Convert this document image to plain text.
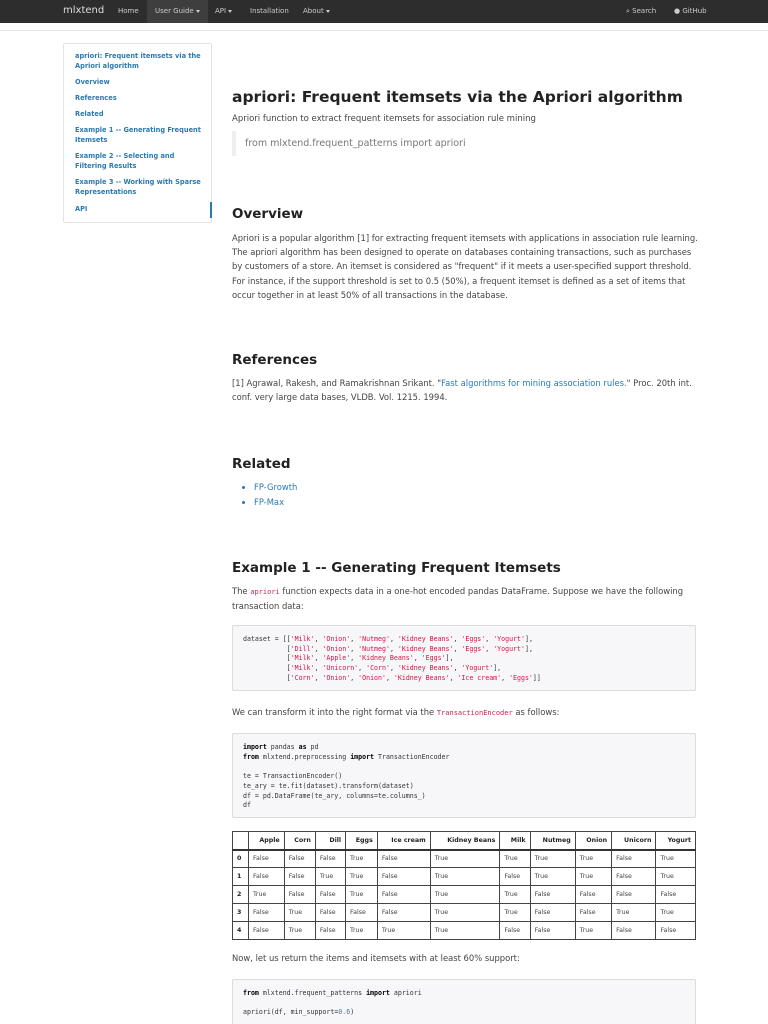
mlxtend Home	User Guide	API	Installation About	⌕ Search	● GitHub
apriori: Frequent itemsets via the Apriori algorithm
Overview
References
Related
Example 1 -- Generating Frequent Itemsets
Example 2 -- Selecting and Filtering Results
Example 3 -- Working with Sparse Representations
API
apriori: Frequent itemsets via the Apriori algorithm
Apriori function to extract frequent itemsets for association rule mining
from mlxtend.frequent_patterns import apriori
Overview
Apriori is a popular algorithm [1] for extracting frequent itemsets with applications in association rule learning. The apriori algorithm has been designed to operate on databases containing transactions, such as purchases by customers of a store. An itemset is considered as "frequent" if it meets a user-specified support threshold. For instance, if the support threshold is set to 0.5 (50%), a frequent itemset is defined as a set of items that occur together in at least 50% of all transactions in the database.
References
[1] Agrawal, Rakesh, and Ramakrishnan Srikant. "Fast algorithms for mining association rules." Proc. 20th int. conf. very large data bases, VLDB. Vol. 1215. 1994.
Related
• FP-Growth
• FP-Max
Example 1 -- Generating Frequent Itemsets
The apriori function expects data in a one-hot encoded pandas DataFrame. Suppose we have the following transaction data:
dataset = [['Milk', 'Onion', 'Nutmeg', 'Kidney Beans', 'Eggs', 'Yogurt'],
['Dill', 'Onion', 'Nutmeg', 'Kidney Beans', 'Eggs', 'Yogurt'],
['Milk', 'Apple', 'Kidney Beans', 'Eggs'],
['Milk', 'Unicorn', 'Corn', 'Kidney Beans', 'Yogurt'],
['Corn', 'Onion', 'Onion', 'Kidney Beans', 'Ice cream', 'Eggs']]
We can transform it into the right format via the TransactionEncoder as follows:
import pandas as pd
from mlxtend.preprocessing import TransactionEncoder

te = TransactionEncoder()
te_ary = te.fit(dataset).transform(dataset)
df = pd.DataFrame(te_ary, columns=te.columns_)
df
	Apple	Corn	Dill	Eggs	Ice cream	Kidney Beans	Milk	Nutmeg	Onion	Unicorn	Yogurt
0	False	False	False	True	False	True	True	True	True	False	True
1	False	False	True	True	False	True	False	True	True	False	True
2	True	False	False	True	False	True	True	False	False	False	False
3	False	True	False	False	False	True	True	False	False	True	True
4	False	True	False	True	True	True	False	False	True	False	False
Now, let us return the items and itemsets with at least 60% support:
from mlxtend.frequent_patterns import apriori

apriori(df, min_support=0.6)
